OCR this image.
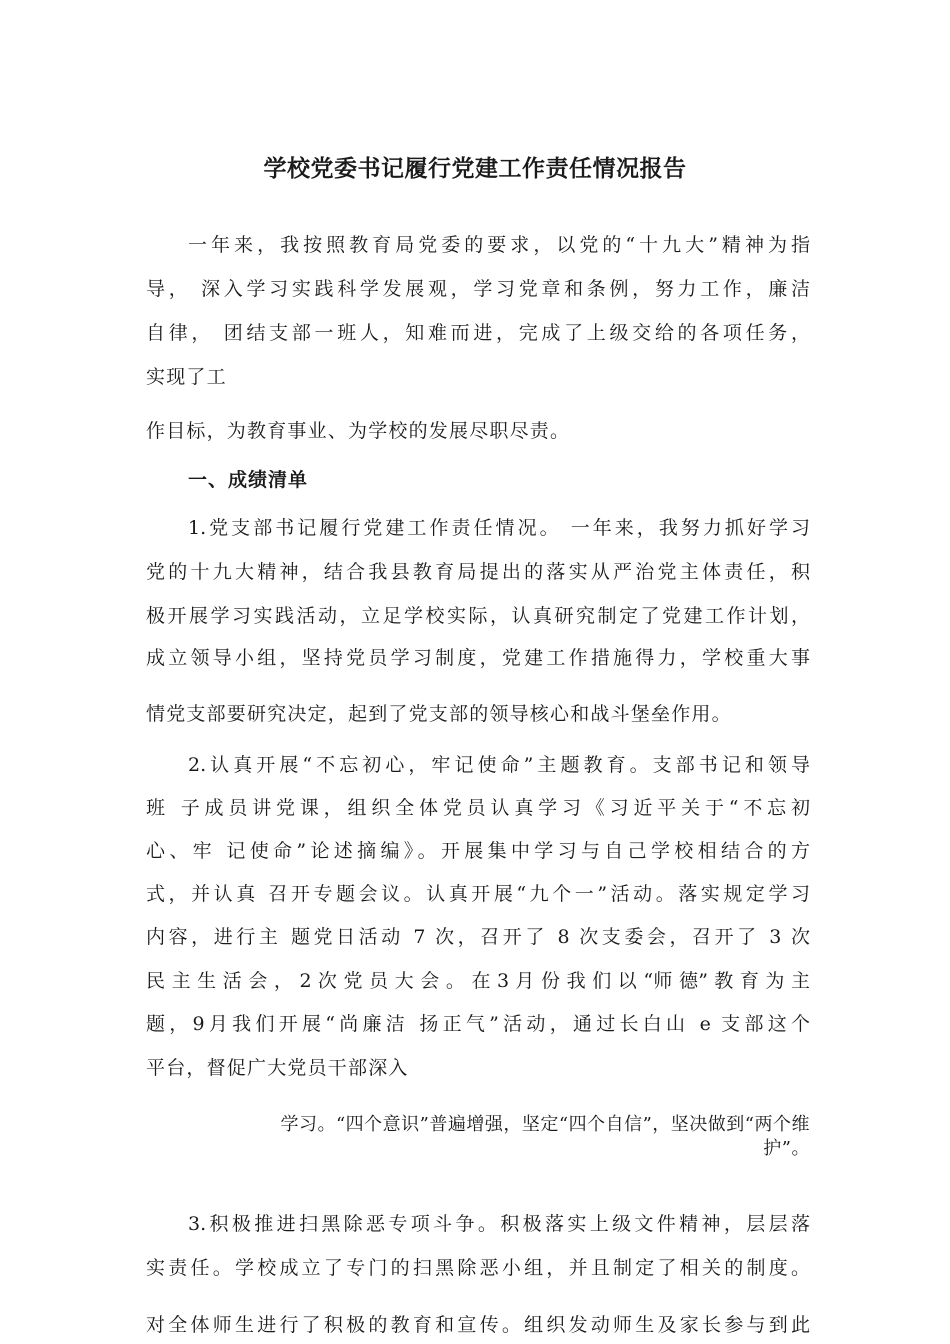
学校党委书记履行党建工作责任情况报告
一年来，我按照教育局党委的要求，以党的“十九大”精神为指
导， 深入学习实践科学发展观，学习党章和条例，努力工作，廉洁
自律， 团结支部一班人，知难而进，完成了上级交给的各项任务，
实现了工
作目标，为教育事业、为学校的发展尽职尽责。
一、成绩清单
1.党支部书记履行党建工作责任情况。 一年来，我努力抓好学习
党的十九大精神，结合我县教育局提出的落实从严治党主体责任，积
极开展学习实践活动，立足学校实际，认真研究制定了党建工作计划，
成立领导小组，坚持党员学习制度，党建工作措施得力，学校重大事
情党支部要研究决定，起到了党支部的领导核心和战斗堡垒作用。
2.认真开展“不忘初心，牢记使命”主题教育。支部书记和领导
班 子成员讲党课，组织全体党员认真学习《习近平关于“不忘初
心、牢 记使命”论述摘编》。开展集中学习与自己学校相结合的方
式，并认真 召开专题会议。认真开展“九个一”活动。落实规定学习
内容，进行主 题党日活动 7 次，召开了 8 次支委会，召开了 3 次
民 主 生 活 会 ， 2 次 党 员 大 会 。 在 3 月 份 我 们 以 “师 德” 教 育 为 主
题，9月我们开展“尚廉洁 扬正气”活动，通过长白山 e 支部这个
平台，督促广大党员干部深入
学习。“四个意识”普遍增强，坚定“四个自信”，坚决做到“两个维
护”。
3.积极推进扫黑除恶专项斗争。积极落实上级文件精神，层层落
实责任。学校成立了专门的扫黑除恶小组，并且制定了相关的制度。
对全体师生进行了积极的教育和宣传。组织发动师生及家长参与到此
